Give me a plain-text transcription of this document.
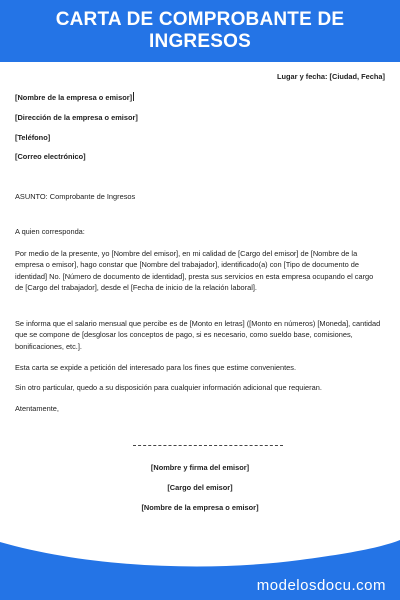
CARTA DE COMPROBANTE DE
INGRESOS
Lugar y fecha: [Ciudad, Fecha]
[Nombre de la empresa o emisor]
[Dirección de la empresa o emisor]
[Teléfono]
[Correo electrónico]

ASUNTO: Comprobante de Ingresos

A quien corresponda:

Por medio de la presente, yo [Nombre del emisor], en mi calidad de [Cargo del emisor] de [Nombre de la empresa o emisor], hago constar que [Nombre del trabajador], identificado(a) con [Tipo de documento de identidad] No. [Número de documento de identidad], presta sus servicios en esta empresa ocupando el cargo de [Cargo del trabajador], desde el [Fecha de inicio de la relación laboral].

Se informa que el salario mensual que percibe es de [Monto en letras] ([Monto en números) [Moneda], cantidad que se compone de [desglosar los conceptos de pago, si es necesario, como sueldo base, comisiones, bonificaciones, etc.].

Esta carta se expide a petición del interesado para los fines que estime convenientes.

Sin otro particular, quedo a su disposición para cualquier información adicional que requieran.

Atentamente,

[Nombre y firma del emisor]
[Cargo del emisor]
[Nombre de la empresa o emisor]
modelosdocu.com
